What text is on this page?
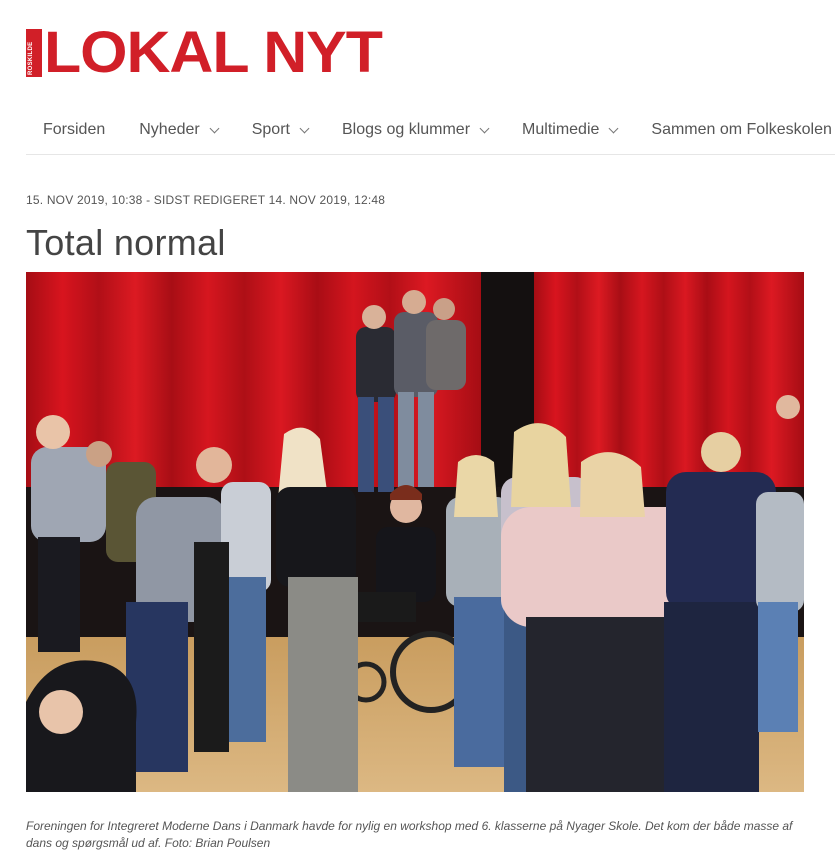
ROSKILDE LOKAL NYT
Forsiden Nyheder	Sport	Blogs og klummer	Multimedie	Sammen om Folkeskolen
15. NOV 2019, 10:38 - SIDST REDIGERET 14. NOV 2019, 12:48
Total normal

Foreningen for Integreret Moderne Dans i Danmark havde for nylig en workshop med 6. klasserne på Nyager Skole. Det kom der både masse af dans og spørgsmål ud af. Foto: Brian Poulsen
